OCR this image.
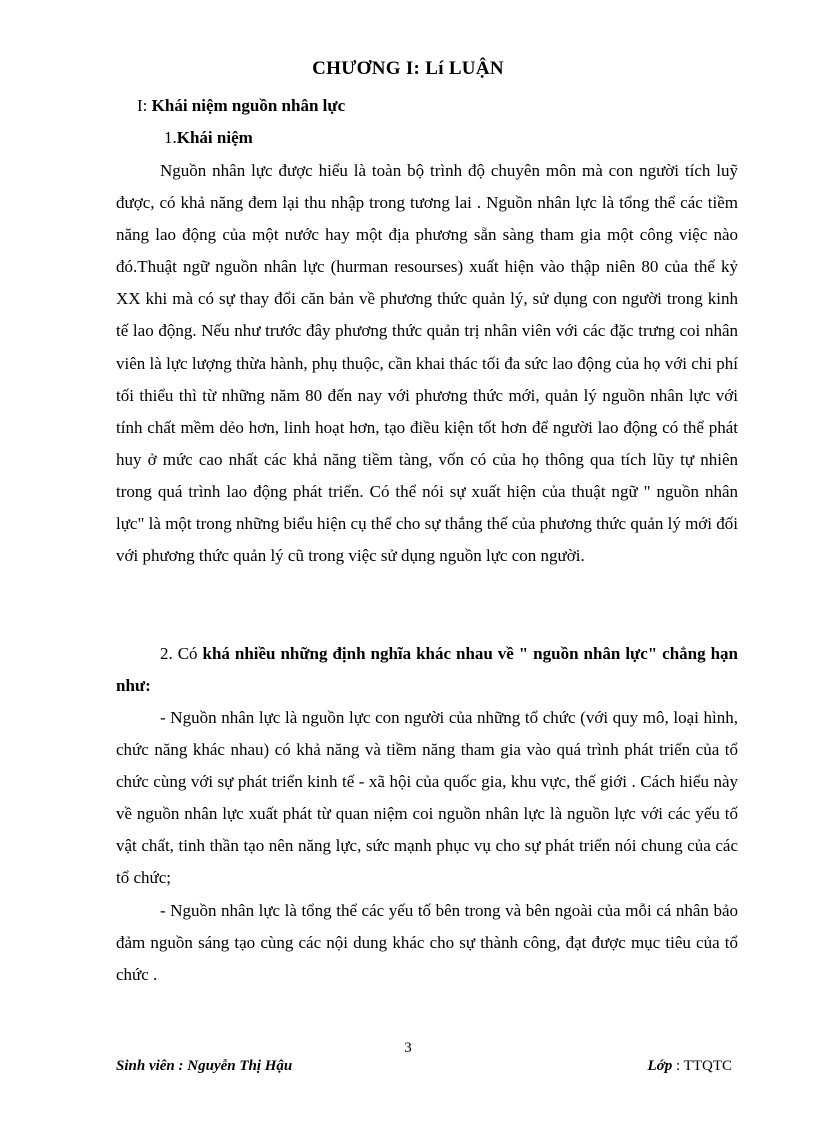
CHƯƠNG I: Lí LUẬN
I: Khái niệm nguồn nhân lực
1.Khái niệm

Nguồn nhân lực được hiểu là toàn bộ trình độ chuyên môn mà con người tích luỹ được, có khả năng đem lại thu nhập trong tương lai . Nguồn nhân lực là tổng thể các tiềm năng lao động của một nước hay một địa phương sẵn sàng tham gia một công việc nào đó.Thuật ngữ nguồn nhân lực (hurman resourses) xuất hiện vào thập niên 80 của thế kỷ XX khi mà có sự thay đổi căn bản về phương thức quản lý, sử dụng con người trong kinh tế lao động. Nếu như trước đây phương thức quản trị nhân viên với các đặc trưng coi nhân viên là lực lượng thừa hành, phụ thuộc, cần khai thác tối đa sức lao động của họ với chi phí tối thiểu thì từ những năm 80 đến nay với phương thức mới, quản lý nguồn nhân lực với tính chất mềm dẻo hơn, linh hoạt hơn, tạo điều kiện tốt hơn để người lao động có thể phát huy ở mức cao nhất các khả năng tiềm tàng, vốn có của họ thông qua tích lũy tự nhiên trong quá trình lao động phát triển. Có thể nói sự xuất hiện của thuật ngữ " nguồn nhân lực" là một trong những biểu hiện cụ thể cho sự thắng thế của phương thức quản lý mới đối với phương thức quản lý cũ trong việc sử dụng nguồn lực con người.

2. Có khá nhiều những định nghĩa khác nhau về " nguồn nhân lực" chẳng hạn như:

- Nguồn nhân lực là nguồn lực con người của những tổ chức (với quy mô, loại hình, chức năng khác nhau) có khả năng và tiềm năng tham gia vào quá trình phát triển của tổ chức cùng với sự phát triển kinh tế - xã hội của quốc gia, khu vực, thế giới . Cách hiểu này về nguồn nhân lực xuất phát từ quan niệm coi nguồn nhân lực là nguồn lực với các yếu tố vật chất, tinh thần tạo nên năng lực, sức mạnh phục vụ cho sự phát triển nói chung của các tổ chức;

- Nguồn nhân lực là tổng thể các yếu tố bên trong và bên ngoài của mỗi cá nhân bảo đảm nguồn sáng tạo cùng các nội dung khác cho sự thành công, đạt được mục tiêu của tổ chức .

3
Sinh viên : Nguyễn Thị Hậu	Lớp : TTQTC
